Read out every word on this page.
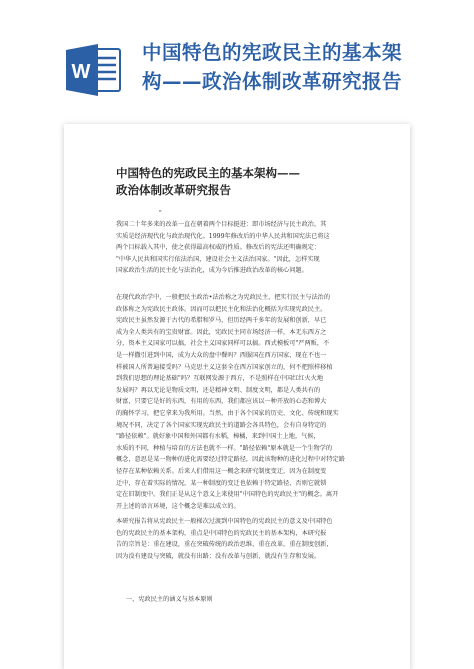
W
中国特色的宪政民主的基本架
构——政治体制改革研究报告
中国特色的宪政民主的基本架构——
政治体制改革研究报告
"
我国二十年多来的改革一直在朝着两个目标挺进：即市场经济与民主政治，其
实质是经济现代化与政治现代化。1999年修改后的中华人民共和国宪法已将这
两个目标载入其中，使之获得最高权威的性质。修改后的宪法还明确规定：
"中华人民共和国实行依法治国，建设社会主义法治国家。"因此，怎样实现
国家政治生活的民主化与法治化，成为今后推进政治改革的核心问题。
在现代政治学中，一般把民主政治•法治称之为宪政民主，把实行民主与法治的
政体称之为宪政民主政体。因而可以把民主化和法治化概括为实现宪政民主。
宪政民主虽然发源于古代的希腊和罗马，但历经两千多年的发展和创新，早已
成为全人类共有的宝贵财富。因此，宪政民主同市场经济一样，本无东西方之
分，资本主义国家可以搞，社会主义国家同样可以搞。西式模板可"严两贩，不
是一样撒引进到中国，成为大众的盘中餐吗？西服国在西方国家，现在不也一
样被国人所普遍接受吗？马克思主义这套全在西方国家创立的，何不把照样移植
到我们思想的理论基础"吗？互联网发源于西方，不是照样在中国红红火火地
发展吗？再以无论是物质文明，还是精神文明、制度文明，都是人类共有的
财富，只要它是好的东西，有用的东西，我们都应该以一种开放的心态和博大
的胸怀学习，把它拿来为我所用。当然，由于各个国家的历史、文化、传统和现实
境况不同，决定了各个国家实现宪政民主的道路会各具特色，会有自身特定的
"路径依赖"。就好象中国和外国都有水稻，樟橘，来到中国土上地，气候，
水质的不同，种植与培育的方法也就不一样。"路径依赖"原本就是一个生物学的
概念，意思是某一物种的进化需要经过特定路径，因此该物种的进化过程中对特定路
径存在某种依赖关系。后来人们借用这一概念来研究制度变迁，因为在制度变
迁中，存在着实际的情况，某一种制度的变迁也依赖于特定路径，否则它就锁
定在旧制度中。我们正是从这个意义上来使用"中国特色的宪政民主"的概念。离开
开上述的语言环境，这个概念是难以成立的。
本研究报告将从宪政民主一般梯次过渡到中国特色的宪政民主的意义及中国特色
色的宪政民主的基本架构，重点是中国特色的宪政民主的基本架构，本研究报
告的宗旨是：重在建设，重在突破传统的政治思维，重在改革，重在制度创新，
因为没有建设与突破，就没有出路；没有改革与创新，就没有生存和发展。
一、宪政民主的涵义与基本原则
